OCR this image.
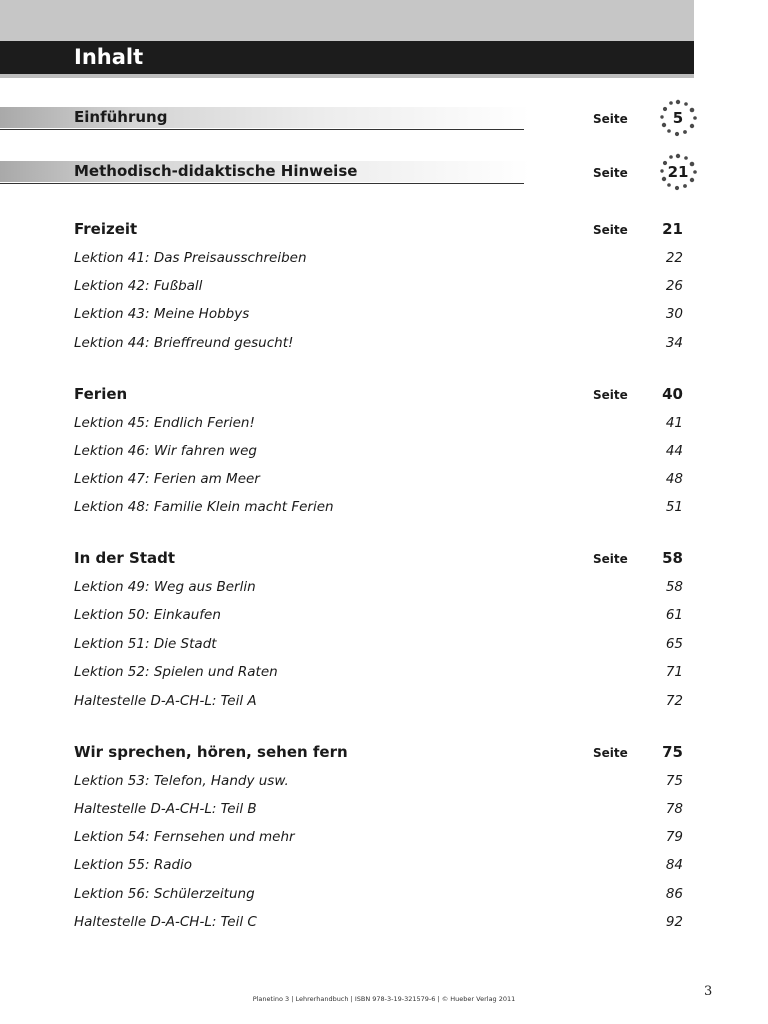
Inhalt
Einführung	Seite	5
Methodisch-didaktische Hinweise	Seite	21
Freizeit	Seite 21
Lektion 41: Das Preisausschreiben	22
Lektion 42: Fußball	26
Lektion 43: Meine Hobbys	30
Lektion 44: Brieffreund gesucht!	34
Ferien	Seite 40
Lektion 45: Endlich Ferien!	41
Lektion 46: Wir fahren weg	44
Lektion 47: Ferien am Meer	48
Lektion 48: Familie Klein macht Ferien	51
In der Stadt	Seite 58
Lektion 49: Weg aus Berlin	58
Lektion 50: Einkaufen	61
Lektion 51: Die Stadt	65
Lektion 52: Spielen und Raten	71
Haltestelle D-A-CH-L: Teil A	72
Wir sprechen, hören, sehen fern	Seite 75
Lektion 53: Telefon, Handy usw.	75
Haltestelle D-A-CH-L: Teil B	78
Lektion 54: Fernsehen und mehr	79
Lektion 55: Radio	84
Lektion 56: Schülerzeitung	86
Haltestelle D-A-CH-L: Teil C	92
Planetino 3 | Lehrerhandbuch | ISBN 978-3-19-321579-6 | © Hueber Verlag 2011	3
